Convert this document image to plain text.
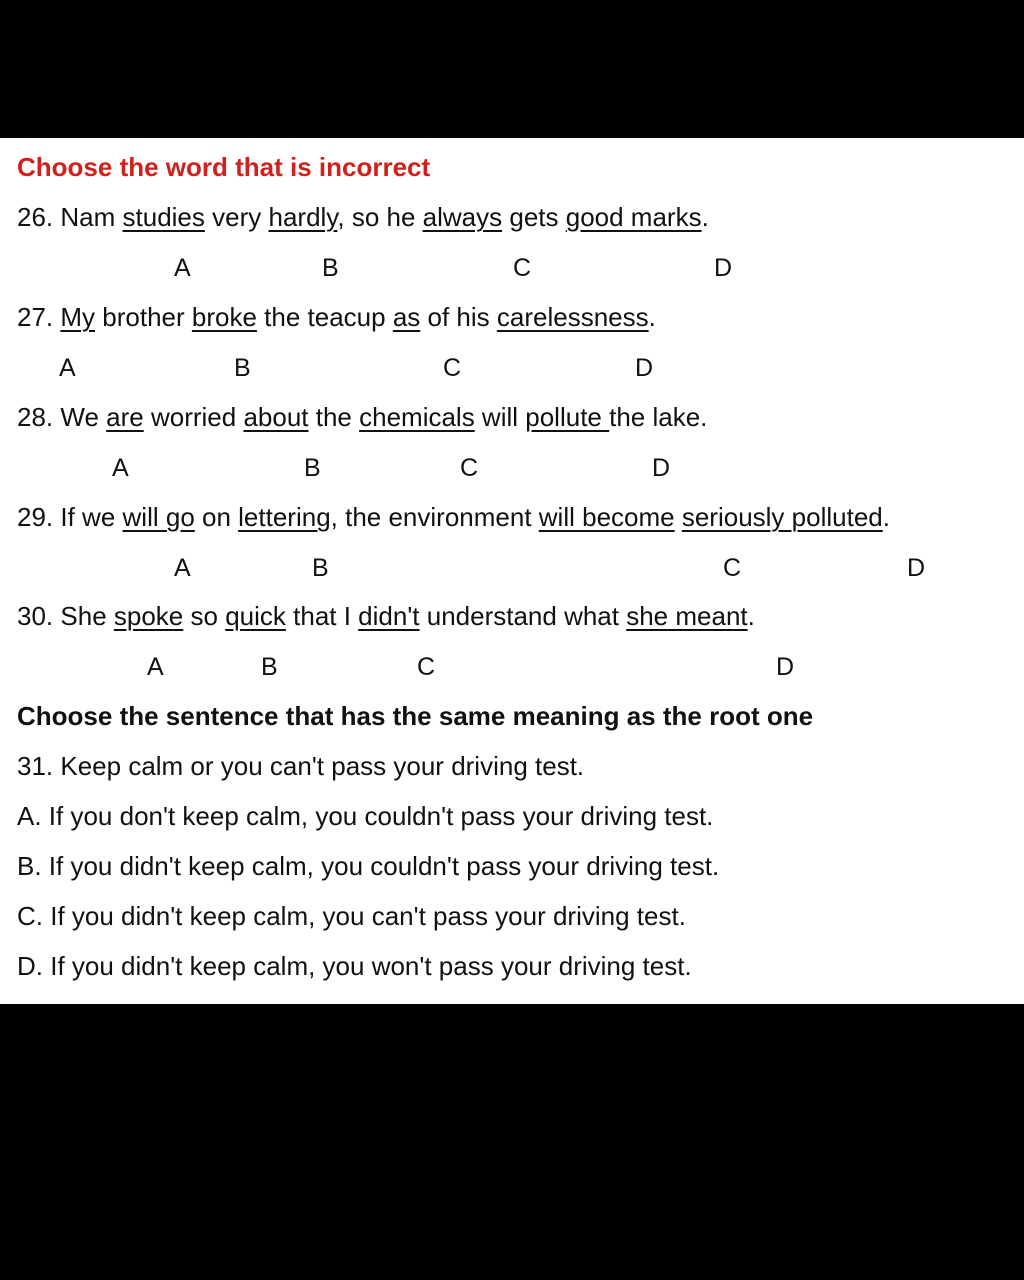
Choose the word that is incorrect
26. Nam studies very hardly, so he always gets good marks.
A	B	C	D
27. My brother broke the teacup as of his carelessness.
A	B	C	D
28. We are worried about the chemicals will pollute the lake.
A	B	C	D
29. If we will go on lettering, the environment will become seriously polluted.
A	B	C	D
30. She spoke so quick that I didn't understand what she meant.
A	B	C	D
Choose the sentence that has the same meaning as the root one
31. Keep calm or you can't pass your driving test.
A. If you don't keep calm, you couldn't pass your driving test.
B. If you didn't keep calm, you couldn't pass your driving test.
C. If you didn't keep calm, you can't pass your driving test.
D. If you didn't keep calm, you won't pass your driving test.
